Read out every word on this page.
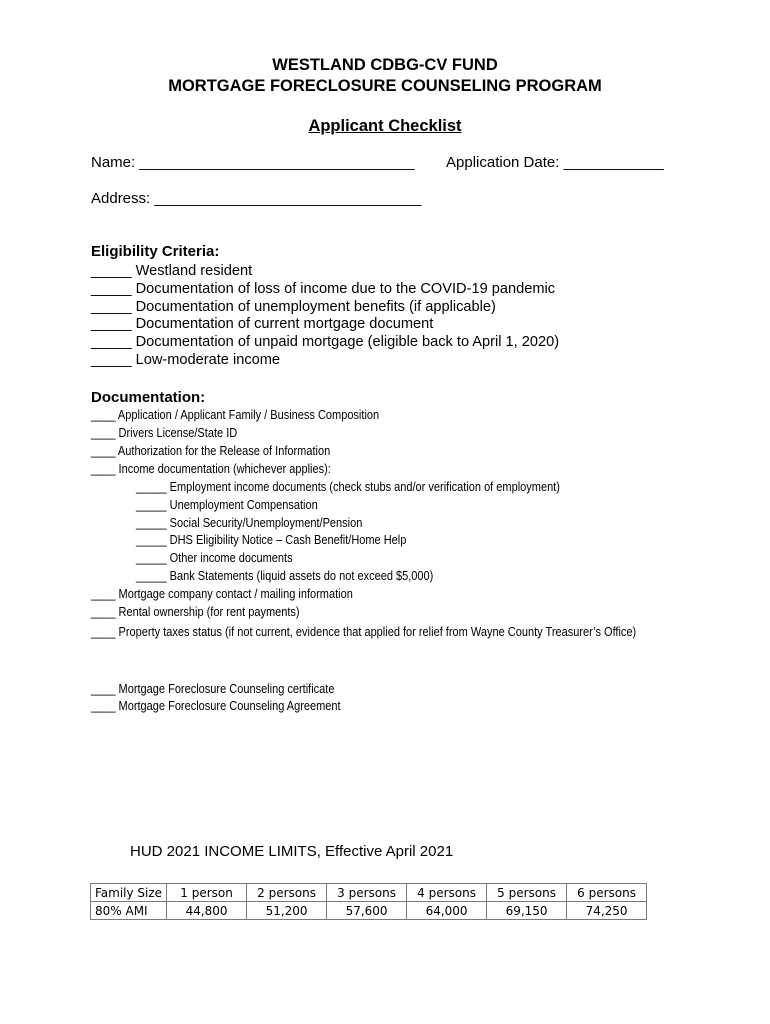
WESTLAND CDBG-CV FUND
MORTGAGE FORECLOSURE COUNSELING PROGRAM
Applicant Checklist
Name: _________________________________ Application Date: ____________
Address: ________________________________
Eligibility Criteria:
_____ Westland resident
_____ Documentation of loss of income due to the COVID-19 pandemic
_____ Documentation of unemployment benefits (if applicable)
_____ Documentation of current mortgage document
_____ Documentation of unpaid mortgage (eligible back to April 1, 2020)
_____ Low-moderate income
Documentation:
____ Application / Applicant Family / Business Composition
____ Drivers License/State ID
____ Authorization for the Release of Information
____ Income documentation (whichever applies):
_____ Employment income documents (check stubs and/or verification of employment)
_____ Unemployment Compensation
_____ Social Security/Unemployment/Pension
_____ DHS Eligibility Notice – Cash Benefit/Home Help
_____ Other income documents
_____ Bank Statements (liquid assets do not exceed $5,000)
____ Mortgage company contact / mailing information
____ Rental ownership (for rent payments)
____ Property taxes status (if not current, evidence that applied for relief from Wayne County Treasurer’s Office)
____ Mortgage Foreclosure Counseling certificate
____ Mortgage Foreclosure Counseling Agreement
HUD 2021 INCOME LIMITS, Effective April 2021
Family Size	1 person	2 persons	3 persons	4 persons	5 persons	6 persons
80% AMI	44,800	51,200	57,600	64,000	69,150	74,250
